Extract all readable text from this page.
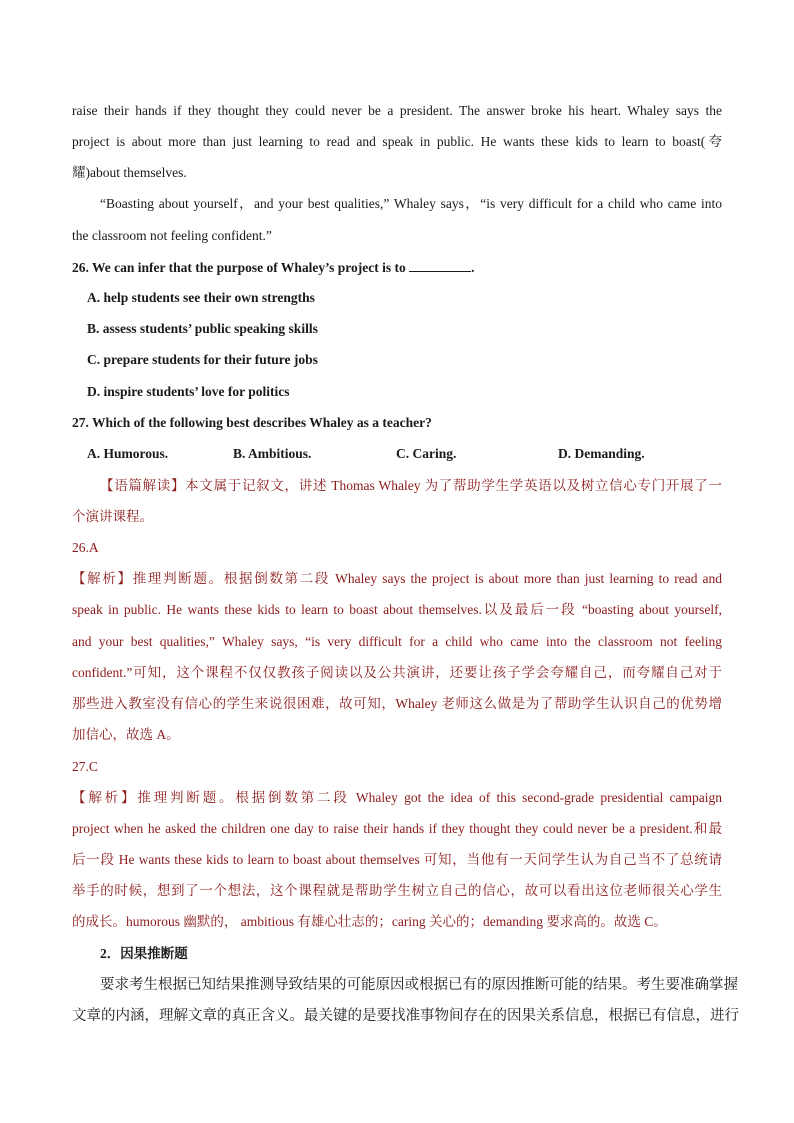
raise their hands if they thought they could never be a president. The answer broke his heart. Whaley says the
project is about more than just learning to read and speak in public. He wants these kids to learn to boast(夸
耀)about themselves.
“Boasting about yourself，and your best qualities,” Whaley says，“is very difficult for a child who came into
the classroom not feeling confident.”
26. We can infer that the purpose of Whaley’s project is to	.
A. help students see their own strengths
B. assess students’ public speaking skills
C. prepare students for their future jobs
D. inspire students’ love for politics
27. Which of the following best describes Whaley as a teacher?
A. Humorous.	B. Ambitious.	C. Caring.	D. Demanding.
【语篇解读】本文属于记叙文，讲述 Thomas Whaley 为了帮助学生学英语以及树立信心专门开展了一
个演讲课程。
26.A
【解析】推理判断题。根据倒数第二段 Whaley says the project is about more than just learning to read and
speak in public. He wants these kids to learn to boast about themselves.以及最后一段 “boasting about yourself,
and your best qualities,” Whaley says, “is very difficult for a child who came into the classroom not feeling
confident.”可知，这个课程不仅仅教孩子阅读以及公共演讲，还要让孩子学会夸耀自己，而夸耀自己对于
那些进入教室没有信心的学生来说很困难，故可知，Whaley 老师这么做是为了帮助学生认识自己的优势增
加信心，故选 A。
27.C
【解析】推理判断题。根据倒数第二段 Whaley got the idea of this second-grade presidential campaign
project when he asked the children one day to raise their hands if they thought they could never be a president.和最
后一段 He wants these kids to learn to boast about themselves 可知，当他有一天问学生认为自己当不了总统请
举手的时候，想到了一个想法，这个课程就是帮助学生树立自己的信心，故可以看出这位老师很关心学生
的成长。humorous 幽默的， ambitious 有雄心壮志的；caring 关心的；demanding 要求高的。故选 C。
2．因果推断题
要求考生根据已知结果推测导致结果的可能原因或根据已有的原因推断可能的结果。考生要准确掌握
文章的内涵，理解文章的真正含义。最关键的是要找准事物间存在的因果关系信息，根据已有信息，进行
